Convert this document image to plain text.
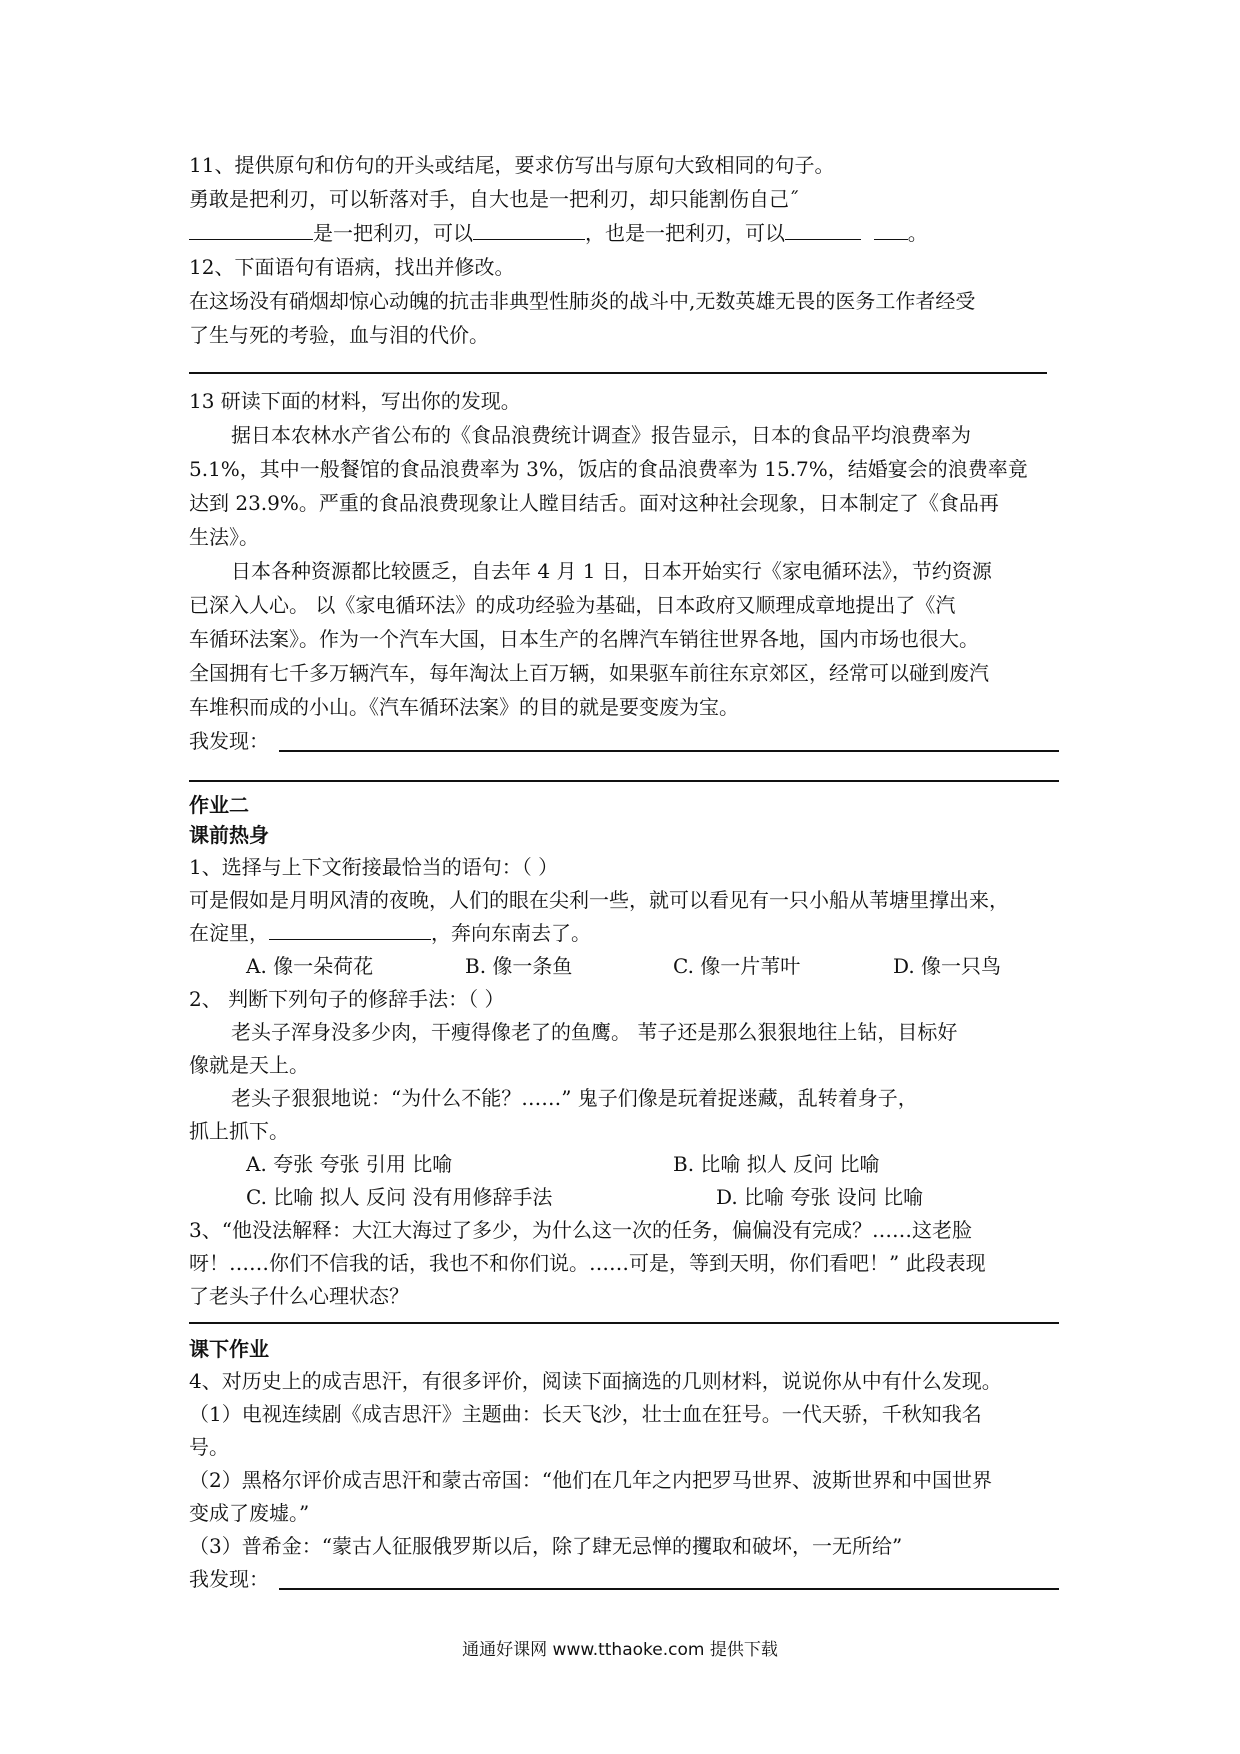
11、提供原句和仿句的开头或结尾，要求仿写出与原句大致相同的句子。
勇敢是把利刃，可以斩落对手，自大也是一把利刃，却只能割伤自己˝
是一把利刃，可以	，也是一把利刃，可以	。
12、下面语句有语病，找出并修改。
在这场没有硝烟却惊心动魄的抗击非典型性肺炎的战斗中,无数英雄无畏的医务工作者经受
了生与死的考验，血与泪的代价。
13 研读下面的材料，写出你的发现。
据日本农林水产省公布的《食品浪费统计调查》报告显示，日本的食品平均浪费率为
5.1%，其中一般餐馆的食品浪费率为 3%，饭店的食品浪费率为 15.7%，结婚宴会的浪费率竟
达到 23.9%。严重的食品浪费现象让人瞠目结舌。面对这种社会现象，日本制定了《食品再
生法》。
日本各种资源都比较匮乏，自去年 4 月 1 日，日本开始实行《家电循环法》，节约资源
已深入人心。 以《家电循环法》的成功经验为基础，日本政府又顺理成章地提出了《汽
车循环法案》。作为一个汽车大国，日本生产的名牌汽车销往世界各地，国内市场也很大。
全国拥有七千多万辆汽车，每年淘汰上百万辆，如果驱车前往东京郊区，经常可以碰到废汽
车堆积而成的小山。《汽车循环法案》的目的就是要变废为宝。
我发现：
作业二
课前热身
1、选择与上下文衔接最恰当的语句：（ ）
可是假如是月明风清的夜晚，人们的眼在尖利一些，就可以看见有一只小船从苇塘里撑出来，
在淀里，	，奔向东南去了。
A. 像一朵荷花	B. 像一条鱼	C. 像一片苇叶	D. 像一只鸟
2、 判断下列句子的修辞手法：（ ）
老头子浑身没多少肉，干瘦得像老了的鱼鹰。 苇子还是那么狠狠地往上钻，目标好
像就是天上。
老头子狠狠地说：“为什么不能？……” 鬼子们像是玩着捉迷藏，乱转着身子，
抓上抓下。
A. 夸张 夸张 引用 比喻	B. 比喻 拟人 反问 比喻
C. 比喻 拟人 反问 没有用修辞手法	D. 比喻 夸张 设问 比喻
3、“他没法解释：大江大海过了多少，为什么这一次的任务，偏偏没有完成？……这老脸
呀！……你们不信我的话，我也不和你们说。……可是，等到天明，你们看吧！” 此段表现
了老头子什么心理状态？
课下作业
4、对历史上的成吉思汗，有很多评价，阅读下面摘选的几则材料，说说你从中有什么发现。
（1）电视连续剧《成吉思汗》主题曲：长天飞沙，壮士血在狂号。一代天骄，千秋知我名
号。
（2）黑格尔评价成吉思汗和蒙古帝国：“他们在几年之内把罗马世界、波斯世界和中国世界
变成了废墟。”
（3）普希金：“蒙古人征服俄罗斯以后，除了肆无忌惮的攫取和破坏，一无所给”
我发现：
通通好课网 www.tthaoke.com 提供下载
